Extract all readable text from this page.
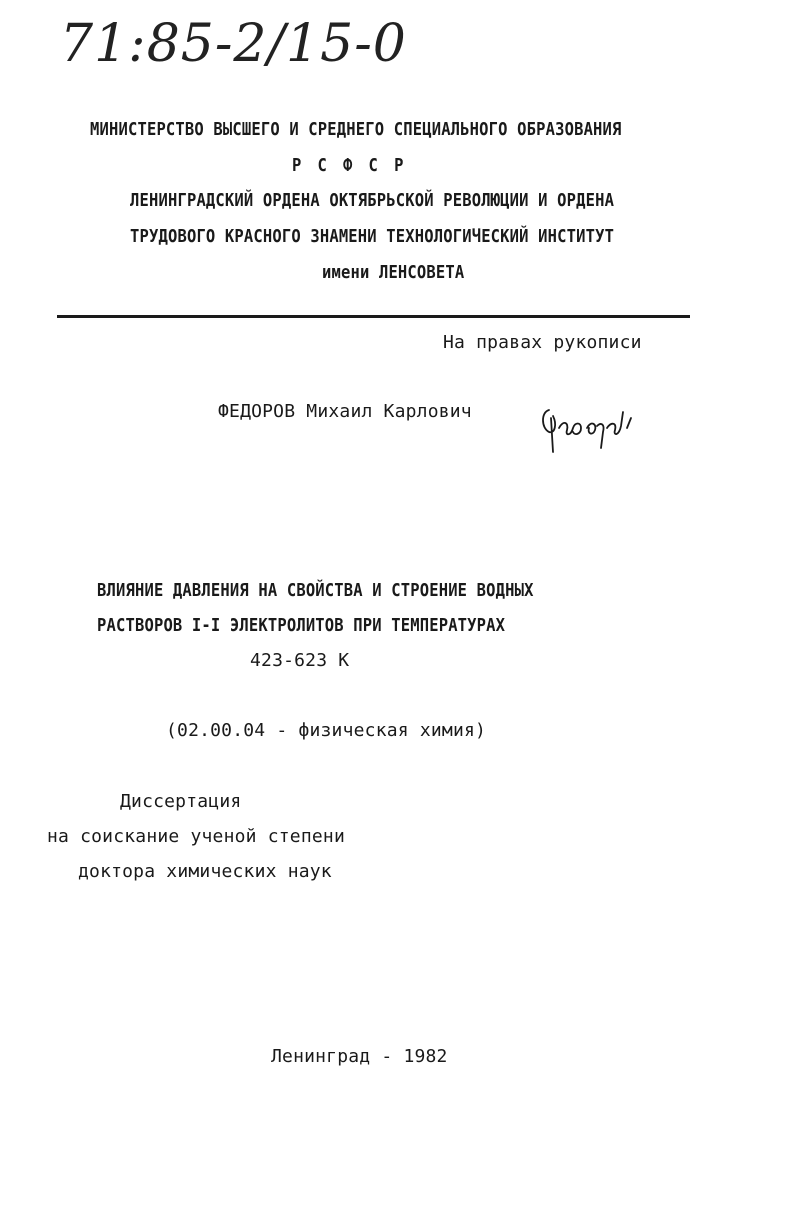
71:85-2/15-0
МИНИСТЕРСТВО ВЫСШЕГО И СРЕДНЕГО СПЕЦИАЛЬНОГО ОБРАЗОВАНИЯ
Р С Ф С Р
ЛЕНИНГРАДСКИЙ ОРДЕНА ОКТЯБРЬСКОЙ РЕВОЛЮЦИИ И ОРДЕНА
ТРУДОВОГО КРАСНОГО ЗНАМЕНИ ТЕХНОЛОГИЧЕСКИЙ ИНСТИТУТ
имени ЛЕНСОВЕТА
На правах рукописи
ФЕДОРОВ Михаил Карлович
ВЛИЯНИЕ ДАВЛЕНИЯ НА СВОЙСТВА И СТРОЕНИЕ ВОДНЫХ
РАСТВОРОВ I-I ЭЛЕКТРОЛИТОВ ПРИ ТЕМПЕРАТУРАХ
423-623 К
(02.00.04 - физическая химия)
Диссертация
на соискание ученой степени
доктора химических наук
Ленинград - 1982
